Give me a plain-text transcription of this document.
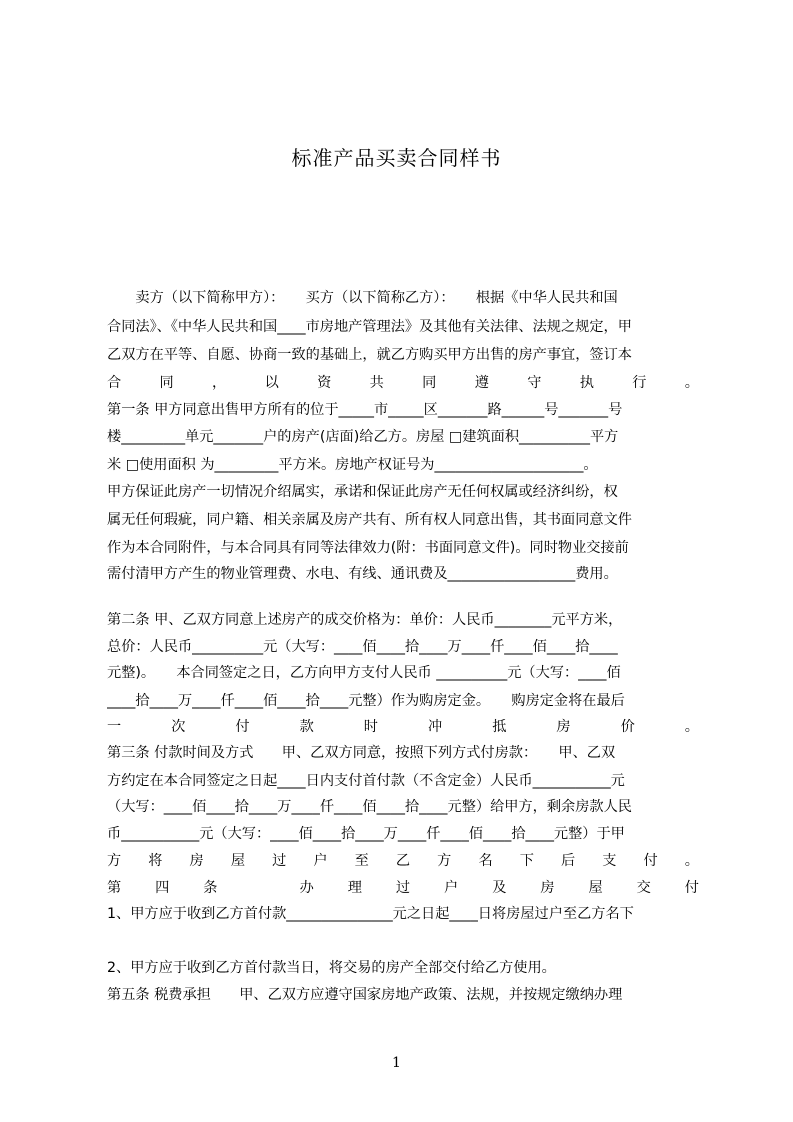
标准产品买卖合同样书
　　卖方（以下简称甲方）：　　买方（以下简称乙方）：　　根据《中华人民共和国
合同法》、《中华人民共和国____市房地产管理法》及其他有关法律、法规之规定，甲
乙双方在平等、自愿、协商一致的基础上，就乙方购买甲方出售的房产事宜，签订本
合 同 ， 以 资 共 同 遵 守 执 行 。
第一条 甲方同意出售甲方所有的位于_____市_____区_______路______号_______号
楼_________单元_______户的房产(店面)给乙方。房屋 □建筑面积__________平方
米 □使用面积 为_________平方米。房地产权证号为_____________________。
甲方保证此房产一切情况介绍属实，承诺和保证此房产无任何权属或经济纠纷，权
属无任何瑕疵，同户籍、相关亲属及房产共有、所有权人同意出售，其书面同意文件
作为本合同附件，与本合同具有同等法律效力(附：书面同意文件)。同时物业交接前
需付清甲方产生的物业管理费、水电、有线、通讯费及__________________费用。
第二条 甲、乙双方同意上述房产的成交价格为：单价：人民币________元平方米，
总价：人民币__________元（大写：____佰____拾____万____仟____佰____拾____
元整)。　　本合同签定之日，乙方向甲方支付人民币 __________元（大写：____佰
____拾____万____仟____佰____拾____元整）作为购房定金。　　购房定金将在最后
一 次 付 款 时 冲 抵 房 价 。
第三条 付款时间及方式　　甲、乙双方同意，按照下列方式付房款：　　甲、乙双
方约定在本合同签定之日起____日内支付首付款（不含定金）人民币___________元
（大写：____佰____拾____万____仟____佰____拾____元整）给甲方，剩余房款人民
币___________元（大写：____佰____拾____万____仟____佰____拾____元整）于甲
方 将 房 屋 过 户 至 乙 方 名 下 后 支 付 。
第 四 条 　 办 理 过 户 及 房 屋 交 付
1、甲方应于收到乙方首付款_______________元之日起____日将房屋过户至乙方名下
2、甲方应于收到乙方首付款当日，将交易的房产全部交付给乙方使用。
第五条 税费承担　　甲、乙双方应遵守国家房地产政策、法规，并按规定缴纳办理
1
